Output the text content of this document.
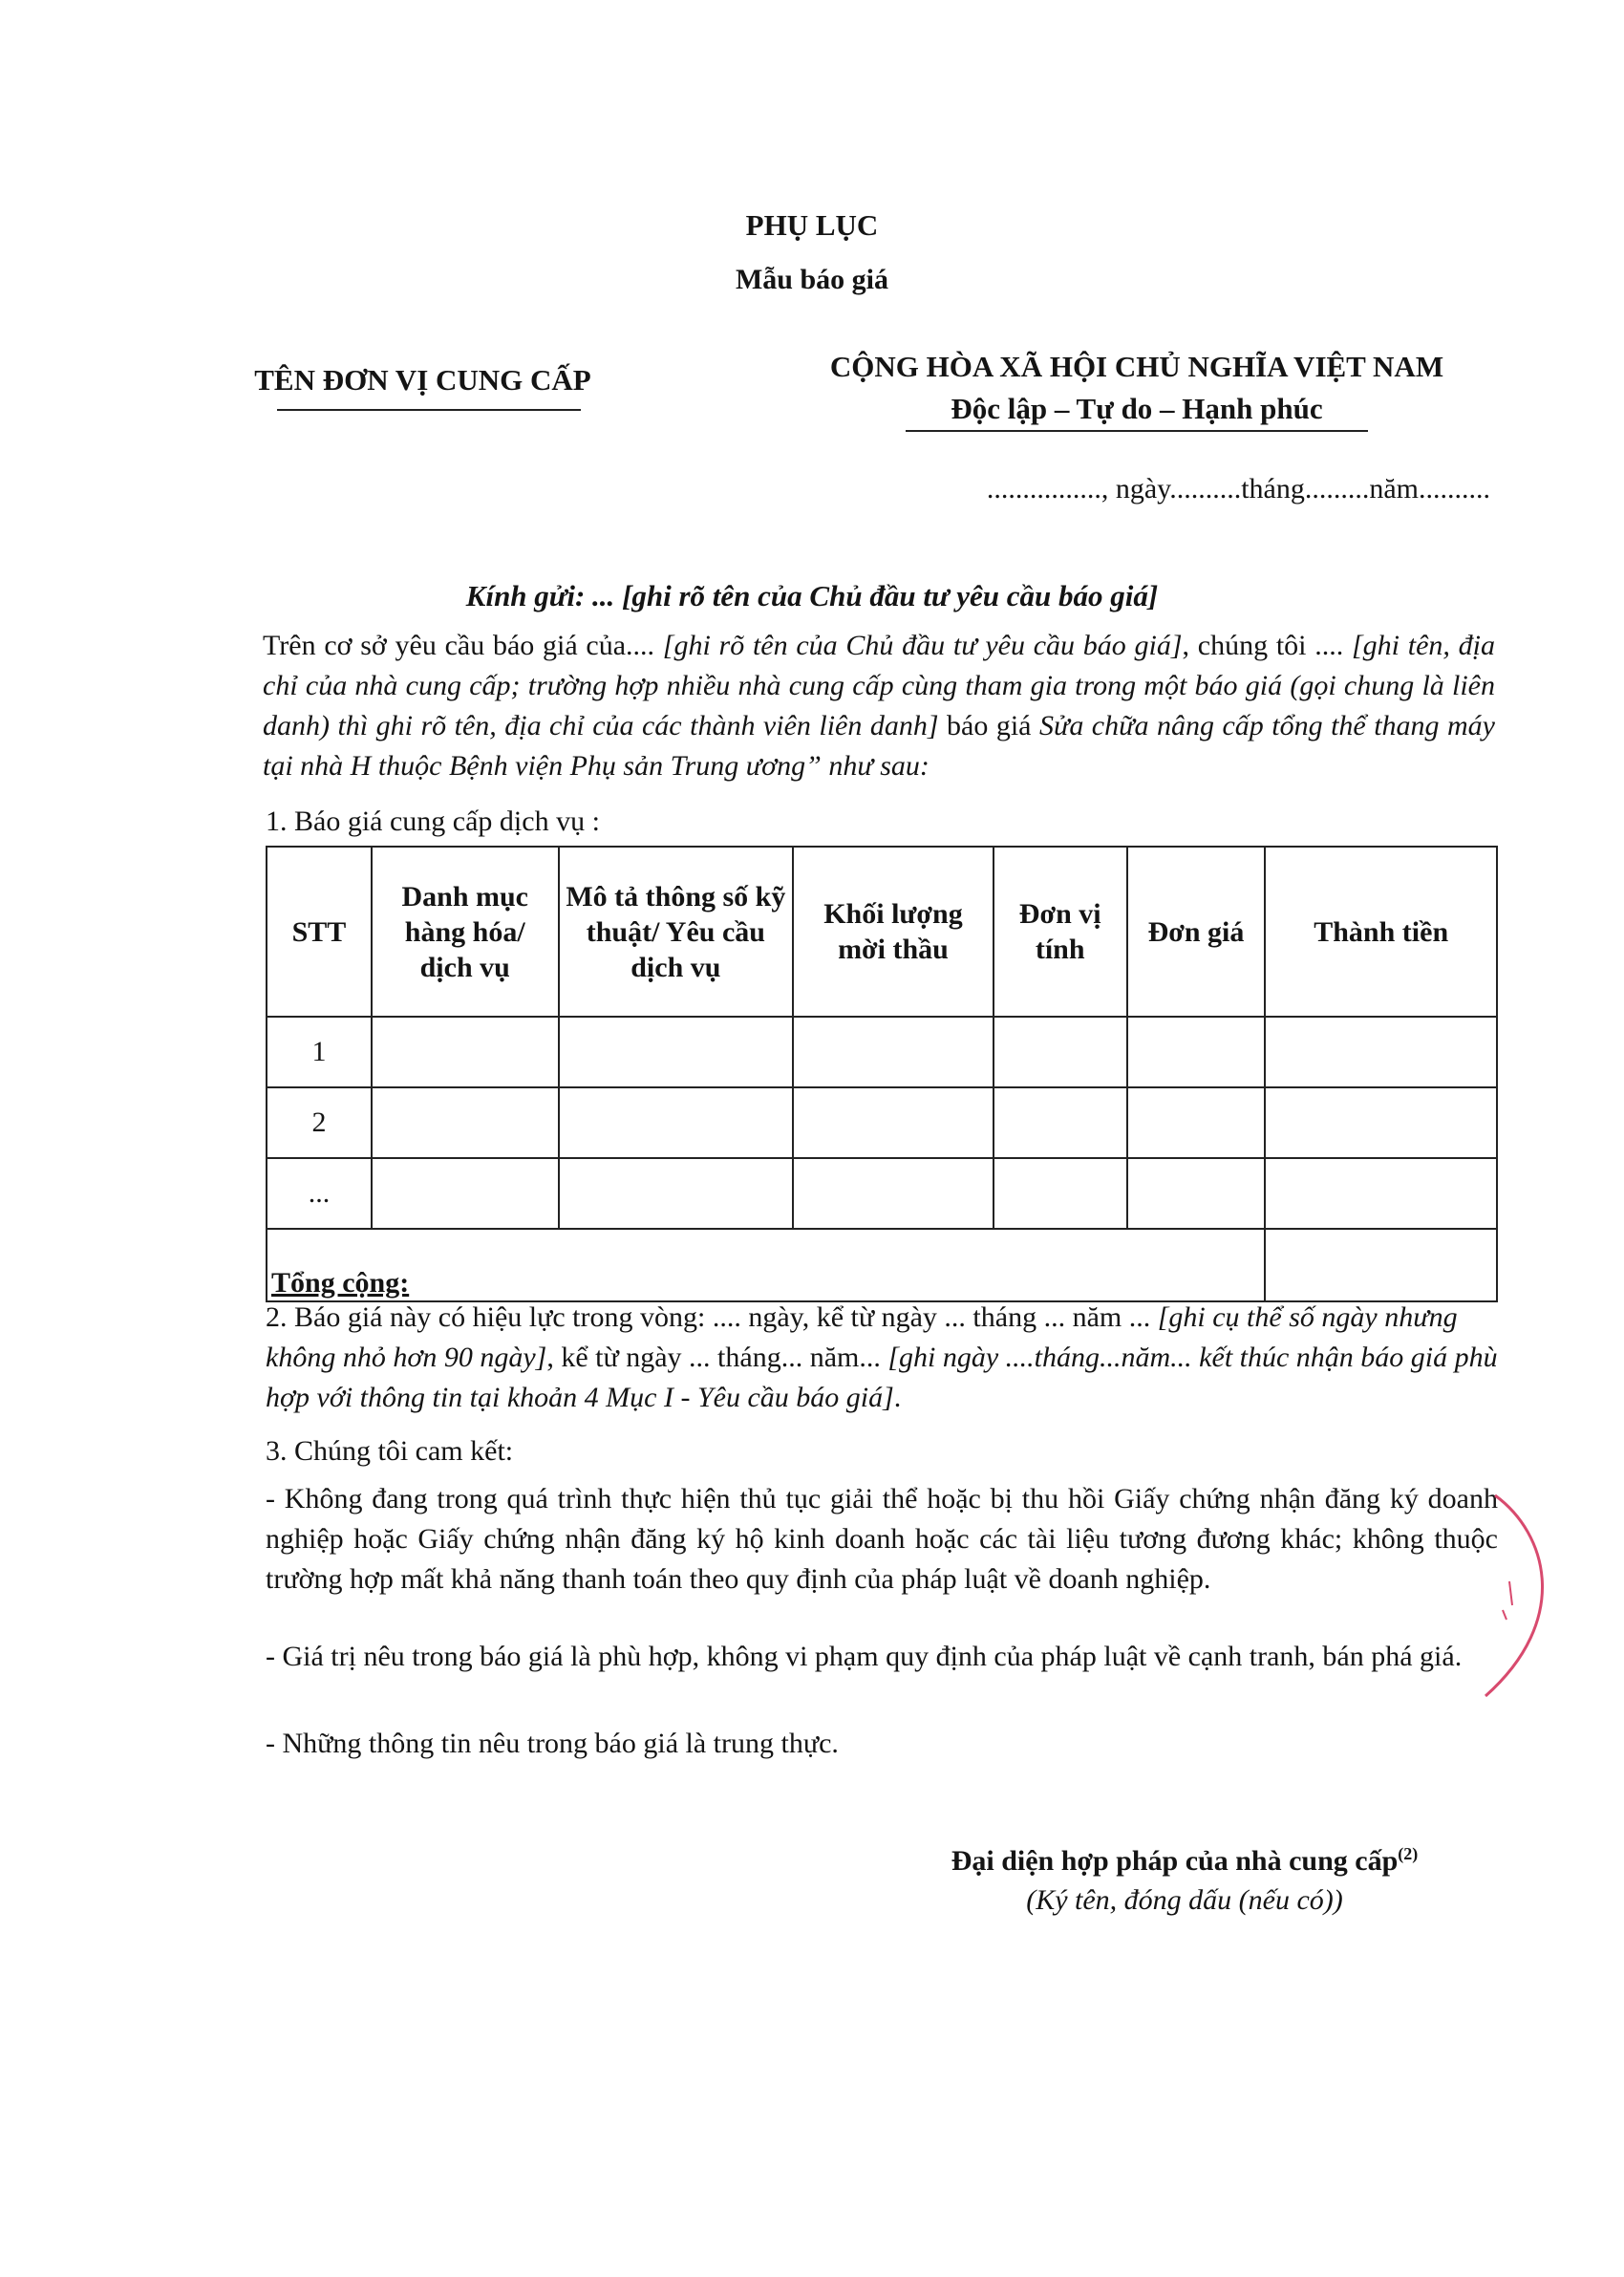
PHỤ LỤC
Mẫu báo giá
TÊN ĐƠN VỊ CUNG CẤP	CỘNG HÒA XÃ HỘI CHỦ NGHĨA VIỆT NAM
Độc lập – Tự do – Hạnh phúc
................, ngày..........tháng.........năm..........
Kính gửi: ... [ghi rõ tên của Chủ đầu tư yêu cầu báo giá]
Trên cơ sở yêu cầu báo giá của.... [ghi rõ tên của Chủ đầu tư yêu cầu báo giá], chúng tôi .... [ghi tên, địa chỉ của nhà cung cấp; trường hợp nhiều nhà cung cấp cùng tham gia trong một báo giá (gọi chung là liên danh) thì ghi rõ tên, địa chỉ của các thành viên liên danh] báo giá Sửa chữa nâng cấp tổng thể thang máy tại nhà H thuộc Bệnh viện Phụ sản Trung ương” như sau:
1. Báo giá cung cấp dịch vụ :
STT	Danh mục hàng hóa/ dịch vụ	Mô tả thông số kỹ thuật/ Yêu cầu dịch vụ	Khối lượng mời thầu	Đơn vị tính	Đơn giá	Thành tiền
1						
2						
...						
Tổng cộng:						
2. Báo giá này có hiệu lực trong vòng: .... ngày, kể từ ngày ... tháng ... năm ... [ghi cụ thể số ngày nhưng không nhỏ hơn 90 ngày], kể từ ngày ... tháng... năm... [ghi ngày ....tháng...năm... kết thúc nhận báo giá phù hợp với thông tin tại khoản 4 Mục I - Yêu cầu báo giá].
3. Chúng tôi cam kết:
- Không đang trong quá trình thực hiện thủ tục giải thể hoặc bị thu hồi Giấy chứng nhận đăng ký doanh nghiệp hoặc Giấy chứng nhận đăng ký hộ kinh doanh hoặc các tài liệu tương đương khác; không thuộc trường hợp mất khả năng thanh toán theo quy định của pháp luật về doanh nghiệp.
- Giá trị nêu trong báo giá là phù hợp, không vi phạm quy định của pháp luật về cạnh tranh, bán phá giá.
- Những thông tin nêu trong báo giá là trung thực.
Đại diện hợp pháp của nhà cung cấp$^{(2)}$
(Ký tên, đóng dấu (nếu có))
